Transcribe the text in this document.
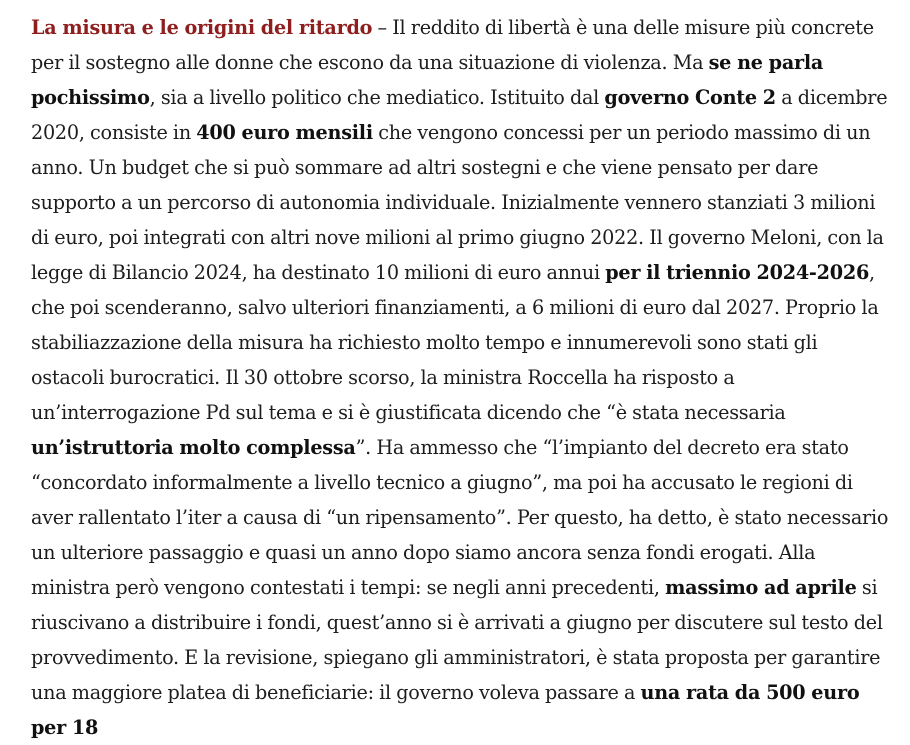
La misura e le origini del ritardo – Il reddito di libertà è una delle misure più concrete per il sostegno alle donne che escono da una situazione di violenza. Ma se ne parla pochissimo, sia a livello politico che mediatico. Istituito dal governo Conte 2 a dicembre 2020, consiste in 400 euro mensili che vengono concessi per un periodo massimo di un anno. Un budget che si può sommare ad altri sostegni e che viene pensato per dare supporto a un percorso di autonomia individuale. Inizialmente vennero stanziati 3 milioni di euro, poi integrati con altri nove milioni al primo giugno 2022. Il governo Meloni, con la legge di Bilancio 2024, ha destinato 10 milioni di euro annui per il triennio 2024-2026, che poi scenderanno, salvo ulteriori finanziamenti, a 6 milioni di euro dal 2027. Proprio la stabiliazzazione della misura ha richiesto molto tempo e innumerevoli sono stati gli ostacoli burocratici. Il 30 ottobre scorso, la ministra Roccella ha risposto a un’interrogazione Pd sul tema e si è giustificata dicendo che “è stata necessaria un’istruttoria molto complessa”. Ha ammesso che “l’impianto del decreto era stato “concordato informalmente a livello tecnico a giugno”, ma poi ha accusato le regioni di aver rallentato l’iter a causa di “un ripensamento”. Per questo, ha detto, è stato necessario un ulteriore passaggio e quasi un anno dopo siamo ancora senza fondi erogati. Alla ministra però vengono contestati i tempi: se negli anni precedenti, massimo ad aprile si riuscivano a distribuire i fondi, quest’anno si è arrivati a giugno per discutere sul testo del provvedimento. E la revisione, spiegano gli amministratori, è stata proposta per garantire una maggiore platea di beneficiarie: il governo voleva passare a una rata da 500 euro per 18
